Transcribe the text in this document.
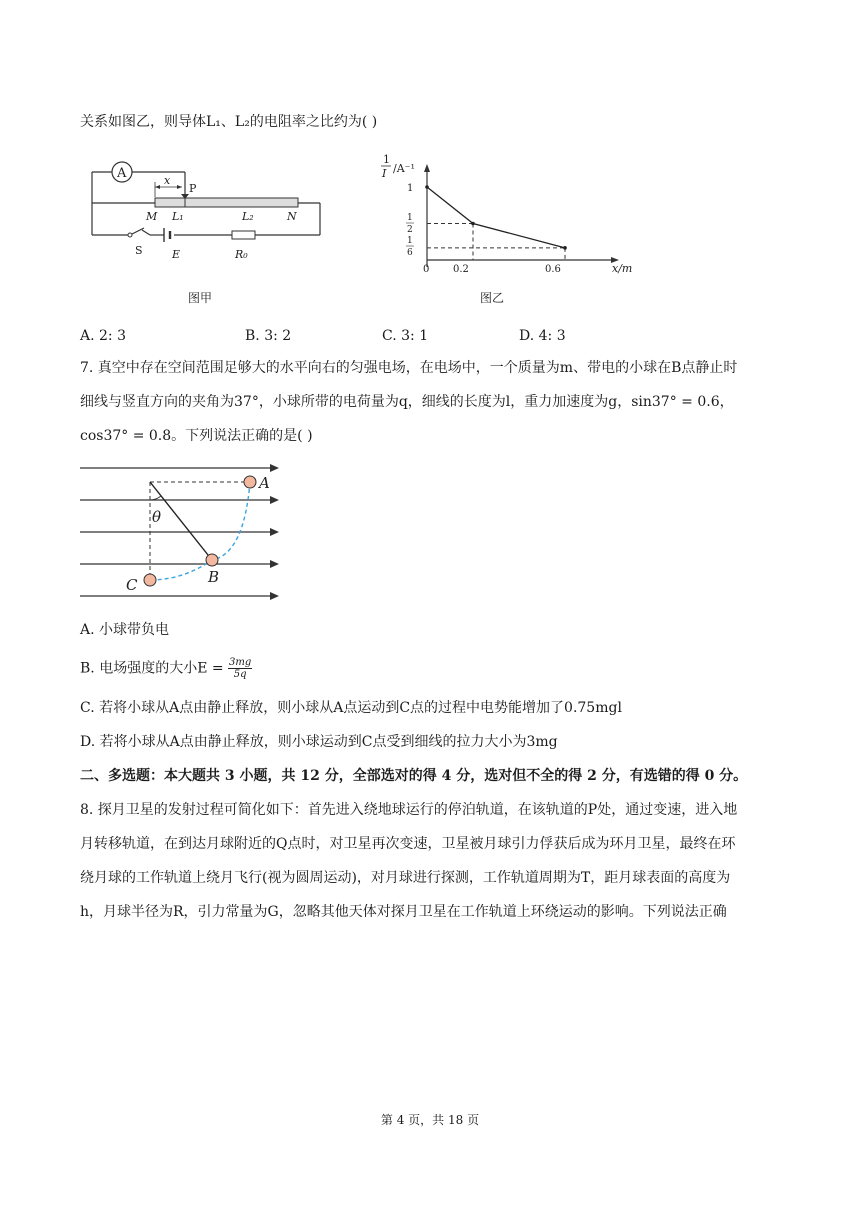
关系如图乙，则导体L₁、L₂的电阻率之比约为( )
A	x
P
M L₁	L₂	N
S	E	R₀
图甲
1
I /A⁻¹
1
1
2
1
6
0 0.2	0.6	x/m
图乙
A. 2: 3	B. 3: 2	C. 3: 1	D. 4: 3
7. 真空中存在空间范围足够大的水平向右的匀强电场，在电场中，一个质量为m、带电的小球在B点静止时
细线与竖直方向的夹角为37°，小球所带的电荷量为q，细线的长度为l，重力加速度为g，sin37° = 0.6，
cos37° = 0.8。下列说法正确的是( )
A
B
C
θ
A. 小球带负电
B. 电场强度的大小$E = \frac{3mg}{5q}$
C. 若将小球从A点由静止释放，则小球从A点运动到C点的过程中电势能增加了0.75mgl
D. 若将小球从A点由静止释放，则小球运动到C点受到细线的拉力大小为3mg
二、多选题：本大题共 3 小题，共 12 分，全部选对的得 4 分，选对但不全的得 2 分，有选错的得 0 分。
8. 探月卫星的发射过程可简化如下：首先进入绕地球运行的停泊轨道，在该轨道的P处，通过变速，进入地
月转移轨道，在到达月球附近的Q点时，对卫星再次变速，卫星被月球引力俘获后成为环月卫星，最终在环
绕月球的工作轨道上绕月飞行(视为圆周运动)，对月球进行探测，工作轨道周期为T，距月球表面的高度为
h，月球半径为R，引力常量为G，忽略其他天体对探月卫星在工作轨道上环绕运动的影响。下列说法正确
第 4 页，共 18 页
